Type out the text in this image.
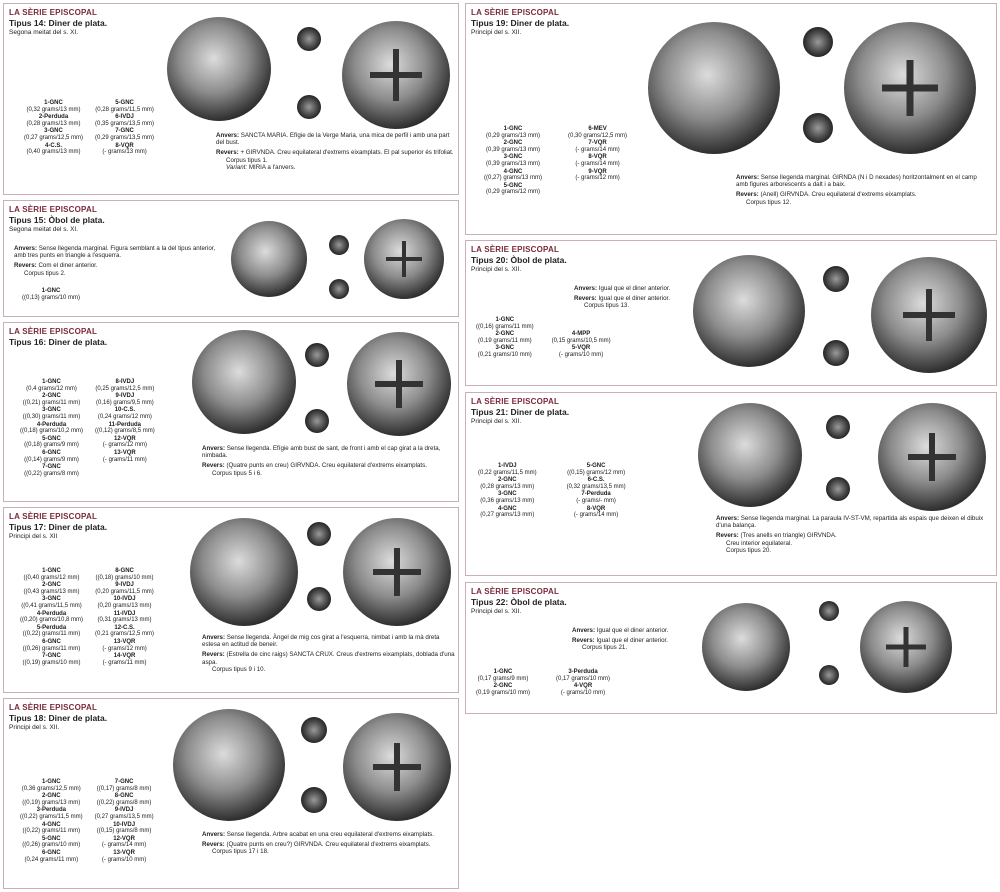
LA SÈRIE EPISCOPAL
Tipus 14: Diner de plata.
Segona meitat del s. XI.
1-GNC
(0,32 grams/13 mm)
5-GNC
(0,28 grams/11,5 mm)
2-Perduda
(0,28 grams/13 mm)
6-IVDJ
(0,35 grams/13,5 mm)
3-GNC
(0,27 grams/12,5 mm)
7-GNC
(0,29 grams/13,5 mm)
4-C.S.
(0,40 grams/13 mm)
8-VQR
(- grams/13 mm)

Anvers: SANCTA MARIA. Efígie de la Verge Maria, una mica de perfil i amb una part del bust.

Revers: + GIRVNDA. Creu equilateral d'extrems eixamplats. El pal superior és trifoliat.
Corpus tipus 1.
Variant: MIRIA a l'anvers.

LA SÈRIE EPISCOPAL
Tipus 15: Òbol de plata.
Segona meitat del s. XI.

Anvers: Sense llegenda marginal. Figura semblant a la del tipus anterior, amb tres punts en triangle a l'esquerra.

Revers: Com el diner anterior.
Corpus tipus 2.

1-GNC
((0,13) grams/10 mm)
LA SÈRIE EPISCOPAL
Tipus 16: Diner de plata.
1-GNC
(0,4 grams/12 mm)
8-IVDJ
(0,25 grams/12,5 mm)
2-GNC
((0,21) grams/11 mm)
9-IVDJ
(0,16) grams/9,5 mm)
3-GNC
((0,30) grams/11 mm)
10-C.S.
(0,24 grams/12 mm)
4-Perduda
((0,18) grams/10,2 mm)
11-Perduda
((0,12) grams/8,5 mm)
5-GNC
((0,18) grams/9 mm)
12-VQR
(- grams/12 mm)
6-GNC
((0,14) grams/9 mm)
13-VQR
(- grams/11 mm)
7-GNC
((0,22) grams/8 mm)

Anvers: Sense llegenda. Efígie amb bust de sant, de front i amb el cap girat a la dreta, nimbada.

Revers: (Quatre punts en creu) GIRVNDA. Creu equilateral d'extrems eixamplats.
Corpus tipus 5 i 6.

LA SÈRIE EPISCOPAL
Tipus 17: Diner de plata.
Principi del s. XII
1-GNC
((0,40 grams/12 mm)
8-GNC
((0,18) grams/10 mm)
2-GNC
((0,43 grams/13 mm)
9-IVDJ
(0,20 grams/11,5 mm)
3-GNC
((0,41 grams/11,5 mm)
10-IVDJ
(0,20 grams/13 mm)
4-Perduda
((0,20) grams/10,8 mm)
11-IVDJ
(0,31 grams/13 mm)
5-Perduda
((0,22) grams/11 mm)
12-C.S.
(0,21 grams/12,5 mm)
6-GNC
((0,26) grams/11 mm)
13-VQR
(- grams/12 mm)
7-GNC
((0,19) grams/10 mm)
14-VQR
(- grams/11 mm)

Anvers: Sense llegenda. Àngel de mig cos girat a l'esquerra, nimbat i amb la mà dreta estesa en actitud de beneir.

Revers: (Estrella de cinc raigs) SANCTA CRUX. Creus d'extrems eixamplats, doblada d'una aspa.
Corpus tipus 9 i 10.

LA SÈRIE EPISCOPAL
Tipus 18: Diner de plata.
Principi del s. XII.
1-GNC
(0,36 grams/12,5 mm)
7-GNC
((0,17) grams/8 mm)
2-GNC
((0,19) grams/13 mm)
8-GNC
((0,22) grams/8 mm)
3-Perduda
((0,22) grams/11,5 mm)
9-IVDJ
(0,27 grams/13,5 mm)
4-GNC
((0,22) grams/11 mm)
10-IVDJ
((0,15) grams/8 mm)
5-GNC
((0,26) grams/10 mm)
12-VQR
(- grams/14 mm)
6-GNC
(0,24 grams/11 mm)
13-VQR
(- grams/10 mm)

Anvers: Sense llegenda. Arbre acabat en una creu equilateral d'extrems eixamplats.

Revers: (Quatre punts en creu?) GIRVNDA. Creu equilateral d'extrems eixamplats.
Corpus tipus 17 i 18.

LA SÈRIE EPISCOPAL
Tipus 19: Diner de plata.
Principi del s. XII.
1-GNC
(0,29 grams/13 mm)
6-MEV
(0,30 grams/12,5 mm)
2-GNC
(0,39 grams/13 mm)
7-VQR
(- grams/14 mm)
3-GNC
(0,39 grams/13 mm)
8-VQR
(- grams/14 mm)
4-GNC
((0,27) grams/13 mm)
9-VQR
(- grams/12 mm)
5-GNC
(0,29 grams/12 mm)

Anvers: Sense llegenda marginal. GIRNDA (N i D nexades) horitzontalment en el camp amb figures arborescents a dalt i a baix.

Revers: (Anell) GIRVNDA. Creu equilateral d'extrems eixamplats.
Corpus tipus 12.

LA SÈRIE EPISCOPAL
Tipus 20: Òbol de plata.
Principi del s. XII.

Anvers: Igual que el diner anterior.

Revers: Igual que el diner anterior.
Corpus tipus 13.

1-GNC
((0,16) grams/11 mm)
2-GNC
(0,19 grams/11 mm)
4-MPP
(0,15 grams/10,5 mm)
3-GNC
(0,21 grams/10 mm)
5-VQR
(- grams/10 mm)
LA SÈRIE EPISCOPAL
Tipus 21: Diner de plata.
Principi del s. XII.
1-IVDJ
(0,22 grams/11,5 mm)
5-GNC
((0,15) grams/12 mm)
2-GNC
(0,28 grams/13 mm)
6-C.S.
(0,32 grams/13,5 mm)
3-GNC
(0,36 grams/13 mm)
7-Perduda
(- grams/- mm)
4-GNC
(0,27 grams/13 mm)
8-VQR
(- grams/14 mm)	Anvers: Sense llegenda marginal. La paraula IV-ST-VM, repartida als espais que deixen el dibuix d'una balança.

Revers: (Tres anells en triangle) GIRVNDA.
Creu interior equilateral.
Corpus tipus 20.

LA SÈRIE EPISCOPAL
Tipus 22: Òbol de plata.
Principi del s. XII.

Anvers: Igual que el diner anterior.

Revers: Igual que el diner anterior.
Corpus tipus 21.

1-GNC
(0,17 grams/9 mm)
3-Perduda
(0,17 grams/10 mm)
2-GNC
(0,19 grams/10 mm)
4-VQR
(- grams/10 mm)
